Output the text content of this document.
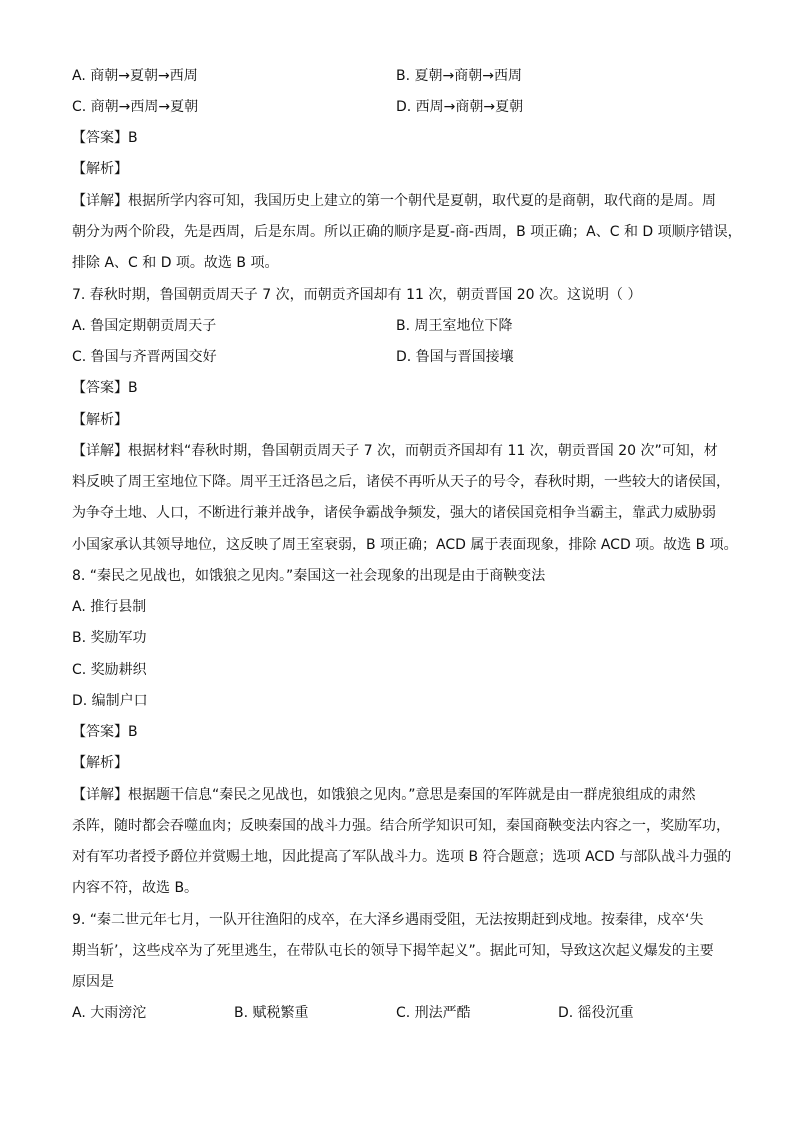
A. 商朝→夏朝→西周	B. 夏朝→商朝→西周
C. 商朝→西周→夏朝	D. 西周→商朝→夏朝
【答案】B
【解析】
【详解】根据所学内容可知，我国历史上建立的第一个朝代是夏朝，取代夏的是商朝，取代商的是周。周
朝分为两个阶段，先是西周，后是东周。所以正确的顺序是夏-商-西周，B 项正确；A、C 和 D 项顺序错误，
排除 A、C 和 D 项。故选 B 项。
7. 春秋时期，鲁国朝贡周天子 7 次，而朝贡齐国却有 11 次，朝贡晋国 20 次。这说明（ ）
A. 鲁国定期朝贡周天子	B. 周王室地位下降
C. 鲁国与齐晋两国交好	D. 鲁国与晋国接壤
【答案】B
【解析】
【详解】根据材料“春秋时期，鲁国朝贡周天子 7 次，而朝贡齐国却有 11 次，朝贡晋国 20 次”可知，材
料反映了周王室地位下降。周平王迁洛邑之后，诸侯不再听从天子的号令，春秋时期，一些较大的诸侯国，
为争夺土地、人口，不断进行兼并战争，诸侯争霸战争频发，强大的诸侯国竞相争当霸主，靠武力威胁弱
小国家承认其领导地位，这反映了周王室衰弱，B 项正确；ACD 属于表面现象，排除 ACD 项。故选 B 项。
8. “秦民之见战也，如饿狼之见肉。”秦国这一社会现象的出现是由于商鞅变法
A. 推行县制
B. 奖励军功
C. 奖励耕织
D. 编制户口
【答案】B
【解析】
【详解】根据题干信息“秦民之见战也，如饿狼之见肉。”意思是秦国的军阵就是由一群虎狼组成的肃然
杀阵，随时都会吞噬血肉；反映秦国的战斗力强。结合所学知识可知，秦国商鞅变法内容之一，奖励军功，
对有军功者授予爵位并赏赐土地，因此提高了军队战斗力。选项 B 符合题意；选项 ACD 与部队战斗力强的
内容不符，故选 B。
9. “秦二世元年七月，一队开往渔阳的戍卒，在大泽乡遇雨受阻，无法按期赶到戍地。按秦律，戍卒‘失
期当斩’，这些戍卒为了死里逃生，在带队屯长的领导下揭竿起义”。据此可知，导致这次起义爆发的主要
原因是
A. 大雨滂沱	B. 赋税繁重	C. 刑法严酷	D. 徭役沉重
